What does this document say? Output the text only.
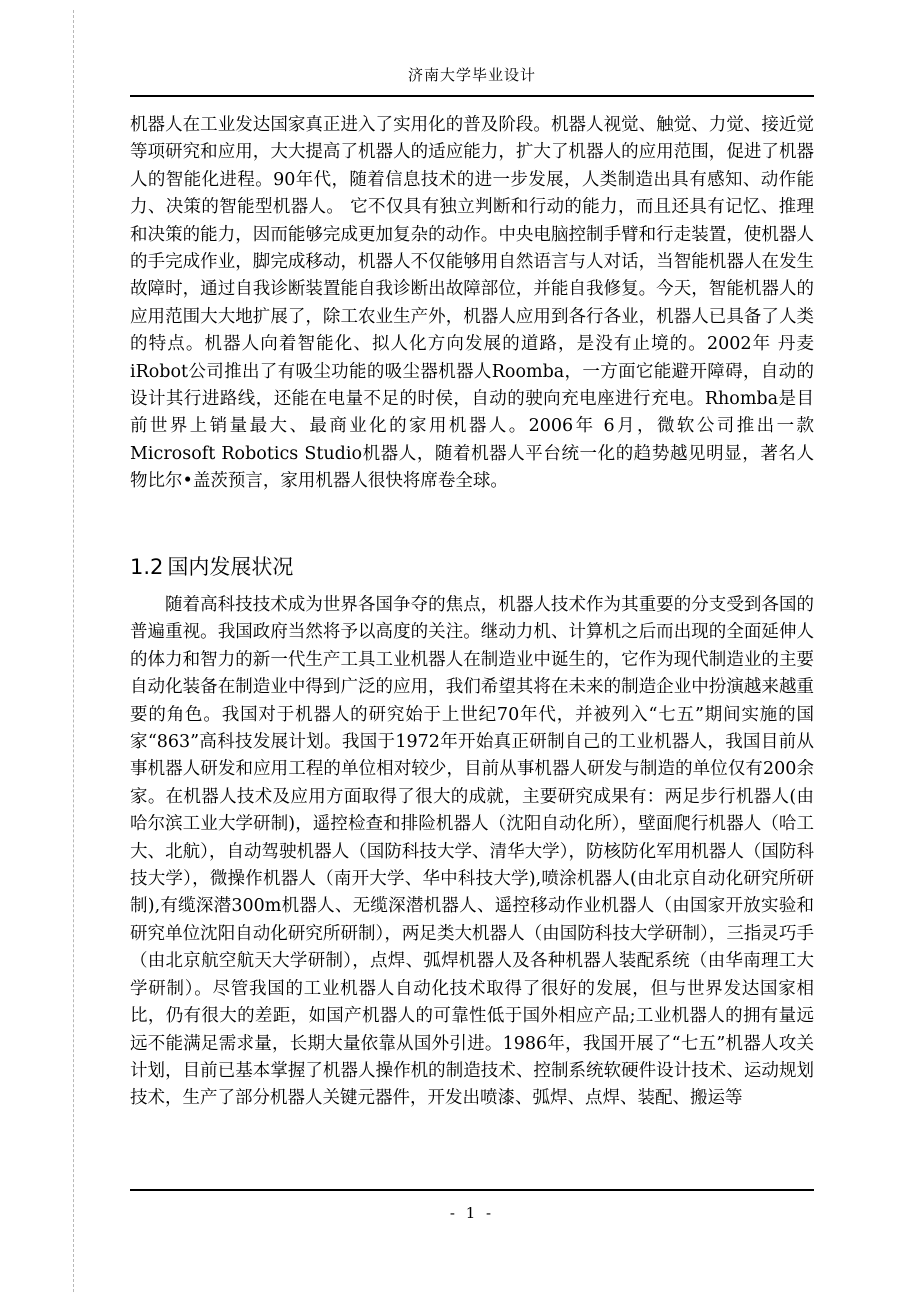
济南大学毕业设计

机器人在工业发达国家真正进入了实用化的普及阶段。机器人视觉、触觉、力觉、接近觉等项研究和应用，大大提高了机器人的适应能力，扩大了机器人的应用范围，促进了机器人的智能化进程。90年代，随着信息技术的进一步发展，人类制造出具有感知、动作能力、决策的智能型机器人。 它不仅具有独立判断和行动的能力，而且还具有记忆、推理和决策的能力，因而能够完成更加复杂的动作。中央电脑控制手臂和行走装置，使机器人的手完成作业，脚完成移动，机器人不仅能够用自然语言与人对话，当智能机器人在发生故障时，通过自我诊断装置能自我诊断出故障部位，并能自我修复。今天，智能机器人的应用范围大大地扩展了，除工农业生产外，机器人应用到各行各业，机器人已具备了人类的特点。机器人向着智能化、拟人化方向发展的道路，是没有止境的。2002年 丹麦 iRobot公司推出了有吸尘功能的吸尘器机器人Roomba，一方面它能避开障碍，自动的设计其行进路线，还能在电量不足的时侯，自动的驶向充电座进行充电。Rhomba是目前世界上销量最大、最商业化的家用机器人。2006年 6月，微软公司推出一款Microsoft Robotics Studio机器人，随着机器人平台统一化的趋势越见明显，著名人物比尔•盖茨预言，家用机器人很快将席卷全球。

1.2 国内发展状况

随着高科技技术成为世界各国争夺的焦点，机器人技术作为其重要的分支受到各国的普遍重视。我国政府当然将予以高度的关注。继动力机、计算机之后而出现的全面延伸人的体力和智力的新一代生产工具工业机器人在制造业中诞生的，它作为现代制造业的主要自动化装备在制造业中得到广泛的应用，我们希望其将在未来的制造企业中扮演越来越重要的角色。我国对于机器人的研究始于上世纪70年代，并被列入“七五”期间实施的国家“863”高科技发展计划。我国于1972年开始真正研制自己的工业机器人，我国目前从事机器人研发和应用工程的单位相对较少，目前从事机器人研发与制造的单位仅有200余家。在机器人技术及应用方面取得了很大的成就，主要研究成果有：两足步行机器人(由哈尔滨工业大学研制)，遥控检查和排险机器人（沈阳自动化所），壁面爬行机器人（哈工大、北航），自动驾驶机器人（国防科技大学、清华大学），防核防化军用机器人（国防科技大学），微操作机器人（南开大学、华中科技大学),喷涂机器人(由北京自动化研究所研制),有缆深潜300m机器人、无缆深潜机器人、遥控移动作业机器人（由国家开放实验和研究单位沈阳自动化研究所研制），两足类大机器人（由国防科技大学研制），三指灵巧手（由北京航空航天大学研制），点焊、弧焊机器人及各种机器人装配系统（由华南理工大学研制）。尽管我国的工业机器人自动化技术取得了很好的发展，但与世界发达国家相比，仍有很大的差距，如国产机器人的可靠性低于国外相应产品;工业机器人的拥有量远远不能满足需求量，长期大量依靠从国外引进。1986年，我国开展了“七五”机器人攻关计划，目前已基本掌握了机器人操作机的制造技术、控制系统软硬件设计技术、运动规划技术，生产了部分机器人关键元器件，开发出喷漆、弧焊、点焊、装配、搬运等

- 1 -
